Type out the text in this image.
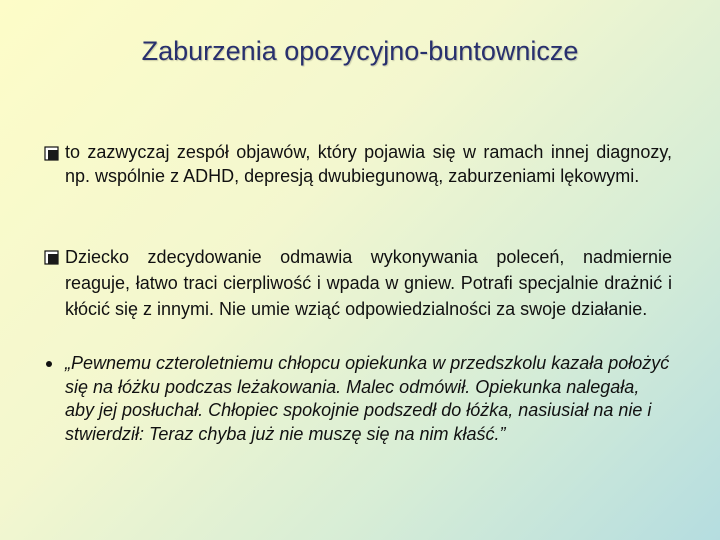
Zaburzenia opozycyjno-buntownicze
to zazwyczaj zespół objawów, który pojawia się w ramach innej diagnozy, np. wspólnie z ADHD, depresją dwubiegunową, zaburzeniami lękowymi.
Dziecko zdecydowanie odmawia wykonywania poleceń, nadmiernie reaguje, łatwo traci cierpliwość i wpada w gniew. Potrafi specjalnie drażnić i kłócić się z innymi. Nie umie wziąć odpowiedzialności za swoje działanie.
„Pewnemu czteroletniemu chłopcu opiekunka w przedszkolu kazała położyć się na łóżku podczas leżakowania. Malec odmówił. Opiekunka nalegała, aby jej posłuchał. Chłopiec spokojnie podszedł do łóżka, nasiusiał na nie i stwierdził: Teraz chyba już nie muszę się na nim kłaść.”
